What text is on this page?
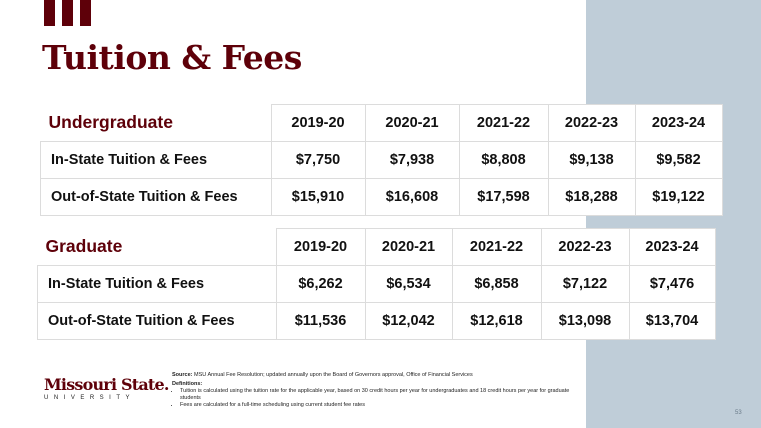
Tuition & Fees
Undergraduate	2019-20	2020-21	2021-22	2022-23	2023-24
In-State Tuition & Fees	$7,750	$7,938	$8,808	$9,138	$9,582
Out-of-State Tuition & Fees	$15,910	$16,608	$17,598	$18,288	$19,122
Graduate	2019-20	2020-21	2021-22	2022-23	2023-24
In-State Tuition & Fees	$6,262	$6,534	$6,858	$7,122	$7,476
Out-of-State Tuition & Fees	$11,536	$12,042	$12,618	$13,098	$13,704
Missouri State.
UNIVERSITY
Source: MSU Annual Fee Resolution; updated annually upon the Board of Governors approval, Office of Financial Services
Definitions:
• Tuition is calculated using the tuition rate for the applicable year, based on 30 credit hours per year for undergraduates and 18 credit hours per year for graduate students
• Fees are calculated for a full-time scheduling using current student fee rates
53
